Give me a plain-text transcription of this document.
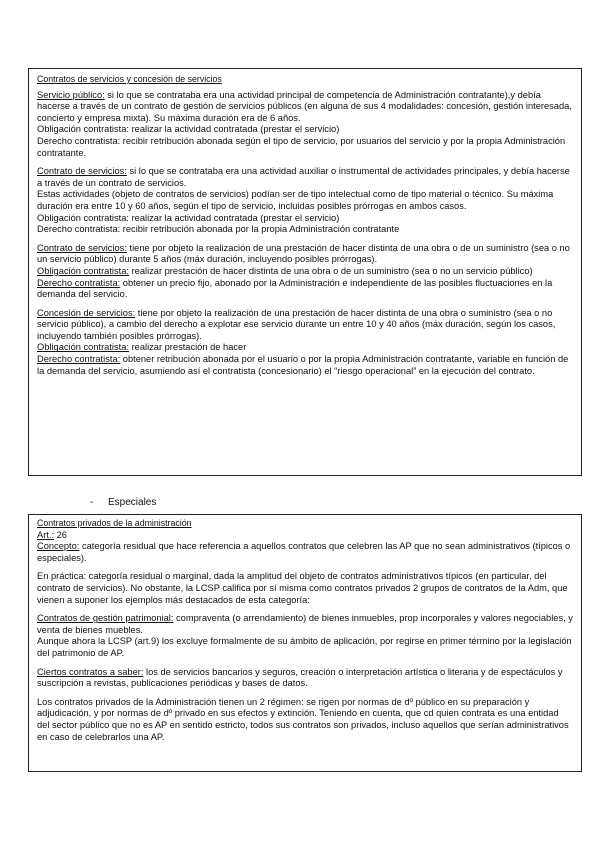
Contratos de servicios y concesión de servicios

Servicio público: si lo que se contrataba era una actividad principal de competencia de Administración contratante),y debía hacerse a través de un contrato de gestión de servicios públicos (en alguna de sus 4 modalidades: concesión, gestión interesada, concierto y empresa mixta). Su máxima duración era de 6 años.

Obligación contratista: realizar la actividad contratada (prestar el servicio)

Derecho contratista: recibir retribución abonada según el tipo de servicio, por usuarios del servicio y por la propia Administración contratante.

Contrato de servicios: si lo que se contrataba era una actividad auxiliar o instrumental de actividades principales, y debía hacerse a través de un contrato de servicios.

Estas actividades (objeto de contratos de servicios) podían ser de tipo intelectual como de tipo material o técnico. Su máxima duración era entre 10 y 60 años, según el tipo de servicio, incluidas posibles prórrogas en ambos casos.

Obligación contratista: realizar la actividad contratada (prestar el servicio)

Derecho contratista: recibir retribución abonada por la propia Administración contratante

Contrato de servicios: tiene por objeto la realización de una prestación de hacer distinta de una obra o de un suministro (sea o no un servicio público) durante 5 años (máx duración, incluyendo posibles prórrogas).

Obligación contratista: realizar prestación de hacer distinta de una obra o de un suministro (sea o no un servicio público)

Derecho contratista: obtener un precio fijo, abonado por la Administración e independiente de las posibles fluctuaciones en la demanda del servicio.

Concesión de servicios: tiene por objeto la realización de una prestación de hacer distinta de una obra o suministro (sea o no servicio público), a cambio del derecho a explotar ese servicio durante un entre 10 y 40 años (máx duración, según los casos, incluyendo también posibles prórrogas).

Obligación contratista: realizar prestación de hacer

Derecho contratista: obtener retribución abonada por el usuario o por la propia Administración contratante, variable en función de la demanda del servicio, asumiendo así el contratista (concesionario) el “riesgo operacional” en la ejecución del contrato.

- Especiales

Contratos privados de la administración

Art.: 26

Concepto: categoría residual que hace referencia a aquellos contratos que celebren las AP que no sean administrativos (típicos o especiales).

En práctica: categoría residual o marginal, dada la amplitud del objeto de contratos administrativos típicos (en particular, del contrato de servicios). No obstante, la LCSP califica por sí misma como contratos privados 2 grupos de contratos de la Adm, que vienen a suponer los ejemplos más destacados de esta categoría:

Contratos de gestión patrimonial: compraventa (o arrendamiento) de bienes inmuebles, prop incorporales y valores negociables, y venta de bienes muebles.

Aunque ahora la LCSP (art.9) los excluye formalmente de su ámbito de aplicación, por regirse en primer término por la legislación del patrimonio de AP.

Ciertos contratos a saber: los de servicios bancarios y seguros, creación o interpretación artística o literaria y de espectáculos y suscripción a revistas, publicaciones periódicas y bases de datos.

Los contratos privados de la Administración tienen un 2 régimen: se rigen por normas de dº público en su preparación y adjudicación, y por normas de dº privado en sus efectos y extinción. Teniendo en cuenta, que cd quien contrata es una entidad del sector público que no es AP en sentido estricto, todos sus contratos son privados, incluso aquellos que serían administrativos en caso de celebrarlos una AP.
